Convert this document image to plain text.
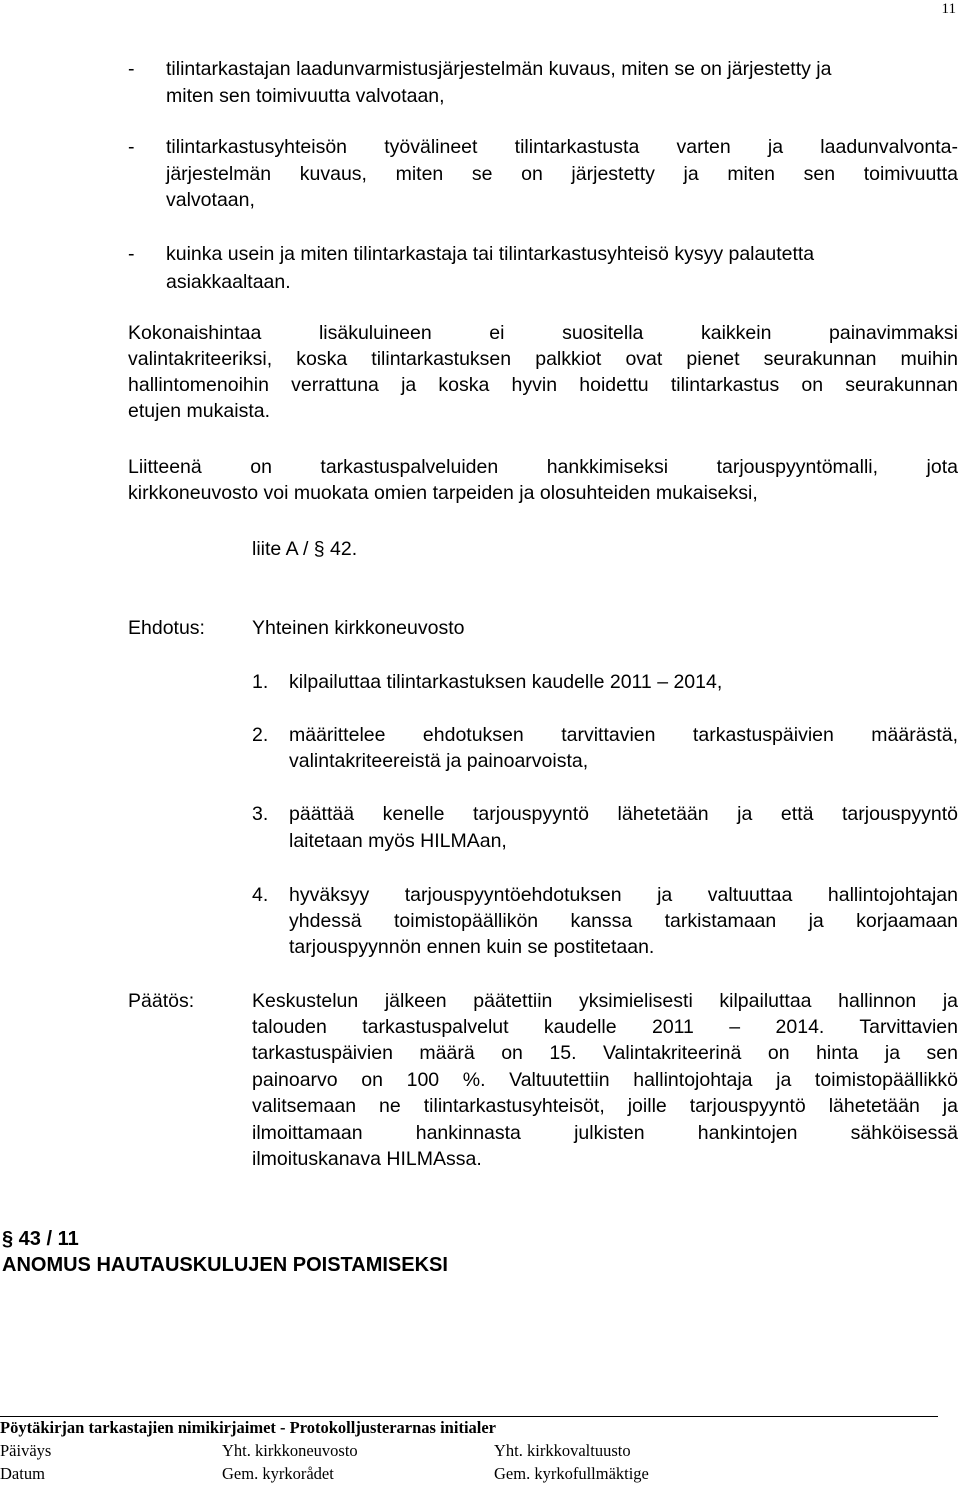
11
- tilintarkastajan laadunvarmistusjärjestelmän kuvaus, miten se on järjestetty ja
miten sen toimivuutta valvotaan,
- tilintarkastusyhteisön työvälineet tilintarkastusta varten ja laadunvalvonta-
järjestelmän kuvaus, miten se on järjestetty ja miten sen toimivuutta
valvotaan,
- kuinka usein ja miten tilintarkastaja tai tilintarkastusyhteisö kysyy palautetta
asiakkaaltaan.
Kokonaishintaa lisäkuluineen ei suositella kaikkein painavimmaksi
valintakriteeriksi, koska tilintarkastuksen palkkiot ovat pienet seurakunnan muihin
hallintomenoihin verrattuna ja koska hyvin hoidettu tilintarkastus on seurakunnan
etujen mukaista.
Liitteenä on tarkastuspalveluiden hankkimiseksi tarjouspyyntömalli, jota
kirkkoneuvosto voi muokata omien tarpeiden ja olosuhteiden mukaiseksi,
liite A / § 42.
Ehdotus: Yhteinen kirkkoneuvosto
1. kilpailuttaa tilintarkastuksen kaudelle 2011 – 2014,
2. määrittelee ehdotuksen tarvittavien tarkastuspäivien määrästä,
valintakriteereistä ja painoarvoista,
3. päättää kenelle tarjouspyyntö lähetetään ja että tarjouspyyntö
laitetaan myös HILMAan,
4. hyväksyy tarjouspyyntöehdotuksen ja valtuuttaa hallintojohtajan
yhdessä toimistopäällikön kanssa tarkistamaan ja korjaamaan
tarjouspyynnön ennen kuin se postitetaan.
Päätös:	Keskustelun jälkeen päätettiin yksimielisesti kilpailuttaa hallinnon ja
talouden tarkastuspalvelut kaudelle 2011 – 2014. Tarvittavien
tarkastuspäivien määrä on 15. Valintakriteerinä on hinta ja sen
painoarvo on 100 %. Valtuutettiin hallintojohtaja ja toimistopäällikkö
valitsemaan ne tilintarkastusyhteisöt, joille tarjouspyyntö lähetetään ja
ilmoittamaan hankinnasta julkisten hankintojen sähköisessä
ilmoituskanava HILMAssa.
§ 43 / 11
ANOMUS HAUTAUSKULUJEN POISTAMISEKSI
Pöytäkirjan tarkastajien nimikirjaimet - Protokolljusterarnas initialer
Päiväys	Yht. kirkkoneuvosto	Yht. kirkkovaltuusto
Datum	Gem. kyrkorådet	Gem. kyrkofullmäktige
